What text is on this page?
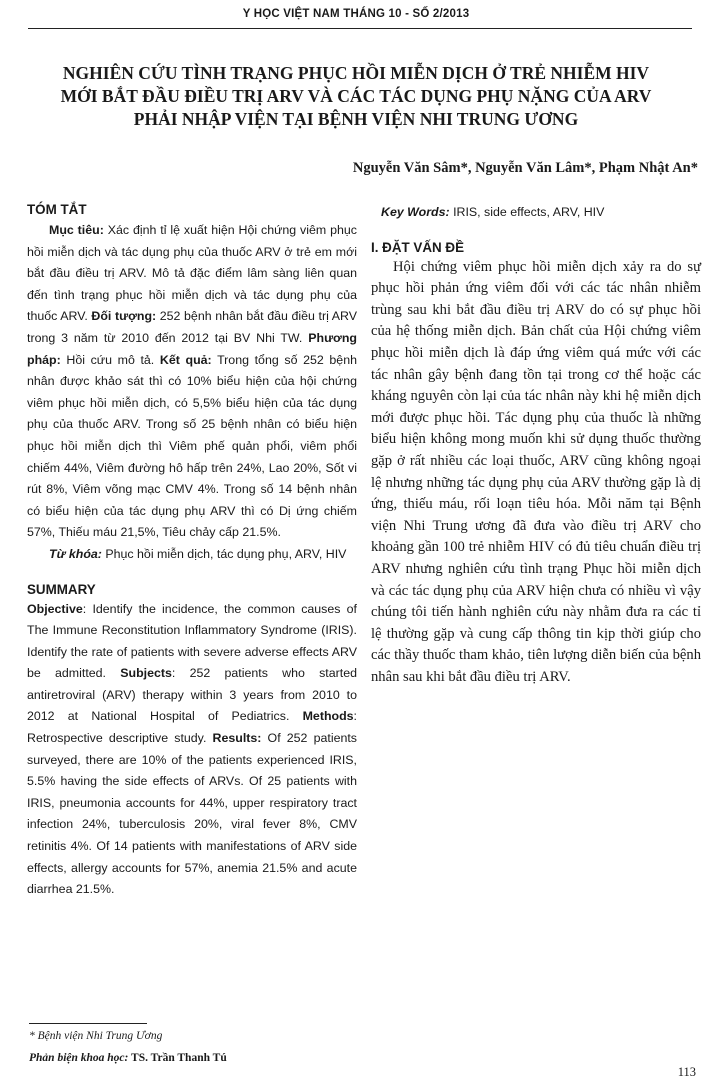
Y HỌC VIỆT NAM THÁNG 10 - SỐ 2/2013
NGHIÊN CỨU TÌNH TRẠNG PHỤC HỒI MIỄN DỊCH Ở TRẺ NHIỄM HIV
MỚI BẮT ĐẦU ĐIỀU TRỊ ARV VÀ CÁC TÁC DỤNG PHỤ NẶNG CỦA ARV
PHẢI NHẬP VIỆN TẠI BỆNH VIỆN NHI TRUNG ƯƠNG
Nguyễn Văn Sâm*, Nguyễn Văn Lâm*, Phạm Nhật An*
TÓM TẮT

Mục tiêu: Xác định tỉ lệ xuất hiện Hội chứng viêm phục hồi miễn dịch và tác dụng phụ của thuốc ARV ở trẻ em mới bắt đầu điều trị ARV. Mô tả đặc điểm lâm sàng liên quan đến tình trạng phục hồi miễn dịch và tác dụng phụ của thuốc ARV. Đối tượng: 252 bệnh nhân bắt đầu điều trị ARV trong 3 năm từ 2010 đến 2012 tại BV Nhi TW. Phương pháp: Hồi cứu mô tả. Kết quả: Trong tổng số 252 bệnh nhân được khảo sát thì có 10% biểu hiện của hội chứng viêm phục hồi miễn dịch, có 5,5% biểu hiện của tác dụng phụ của thuốc ARV. Trong số 25 bệnh nhân có biểu hiện phục hồi miễn dịch thì Viêm phế quản phổi, viêm phổi chiếm 44%, Viêm đường hô hấp trên 24%, Lao 20%, Sốt vi rút 8%, Viêm võng mạc CMV 4%. Trong số 14 bệnh nhân có biểu hiện của tác dụng phụ ARV thì có Dị ứng chiếm 57%, Thiếu máu 21,5%, Tiêu chảy cấp 21.5%.

Từ khóa: Phục hồi miễn dịch, tác dụng phụ, ARV, HIV

SUMMARY

Objective: Identify the incidence, the common causes of The Immune Reconstitution Inflammatory Syndrome (IRIS). Identify the rate of patients with severe adverse effects ARV be admitted. Subjects: 252 patients who started antiretroviral (ARV) therapy within 3 years from 2010 to 2012 at National Hospital of Pediatrics. Methods: Retrospective descriptive study. Results: Of 252 patients surveyed, there are 10% of the patients experienced IRIS, 5.5% having the side effects of ARVs. Of 25 patients with IRIS, pneumonia accounts for 44%, upper respiratory tract infection 24%, tuberculosis 20%, viral fever 8%, CMV retinitis 4%. Of 14 patients with manifestations of ARV side effects, allergy accounts for 57%, anemia 21.5% and acute diarrhea 21.5%.

Key Words: IRIS, side effects, ARV, HIV

I. ĐẶT VẤN ĐỀ

Hội chứng viêm phục hồi miễn dịch xảy ra do sự phục hồi phản ứng viêm đối với các tác nhân nhiễm trùng sau khi bắt đầu điều trị ARV do có sự phục hồi của hệ thống miễn dịch. Bản chất của Hội chứng viêm phục hồi miễn dịch là đáp ứng viêm quá mức với các tác nhân gây bệnh đang tồn tại trong cơ thể hoặc các kháng nguyên còn lại của tác nhân này khi hệ miễn dịch mới được phục hồi. Tác dụng phụ của thuốc là những biểu hiện không mong muốn khi sử dụng thuốc thường gặp ở rất nhiều các loại thuốc, ARV cũng không ngoại lệ nhưng những tác dụng phụ của ARV thường gặp là dị ứng, thiếu máu, rối loạn tiêu hóa. Mỗi năm tại Bệnh viện Nhi Trung ương đã đưa vào điều trị ARV cho khoảng gần 100 trẻ nhiễm HIV có đủ tiêu chuẩn điều trị ARV nhưng nghiên cứu tình trạng Phục hồi miễn dịch và các tác dụng phụ của ARV hiện chưa có nhiều vì vậy chúng tôi tiến hành nghiên cứu này nhằm đưa ra các tỉ lệ thường gặp và cung cấp thông tin kịp thời giúp cho các thầy thuốc tham khảo, tiên lượng diễn biến của bệnh nhân sau khi bắt đầu điều trị ARV.

* Bệnh viện Nhi Trung Ương
Phản biện khoa học: TS. Trần Thanh Tú
113
